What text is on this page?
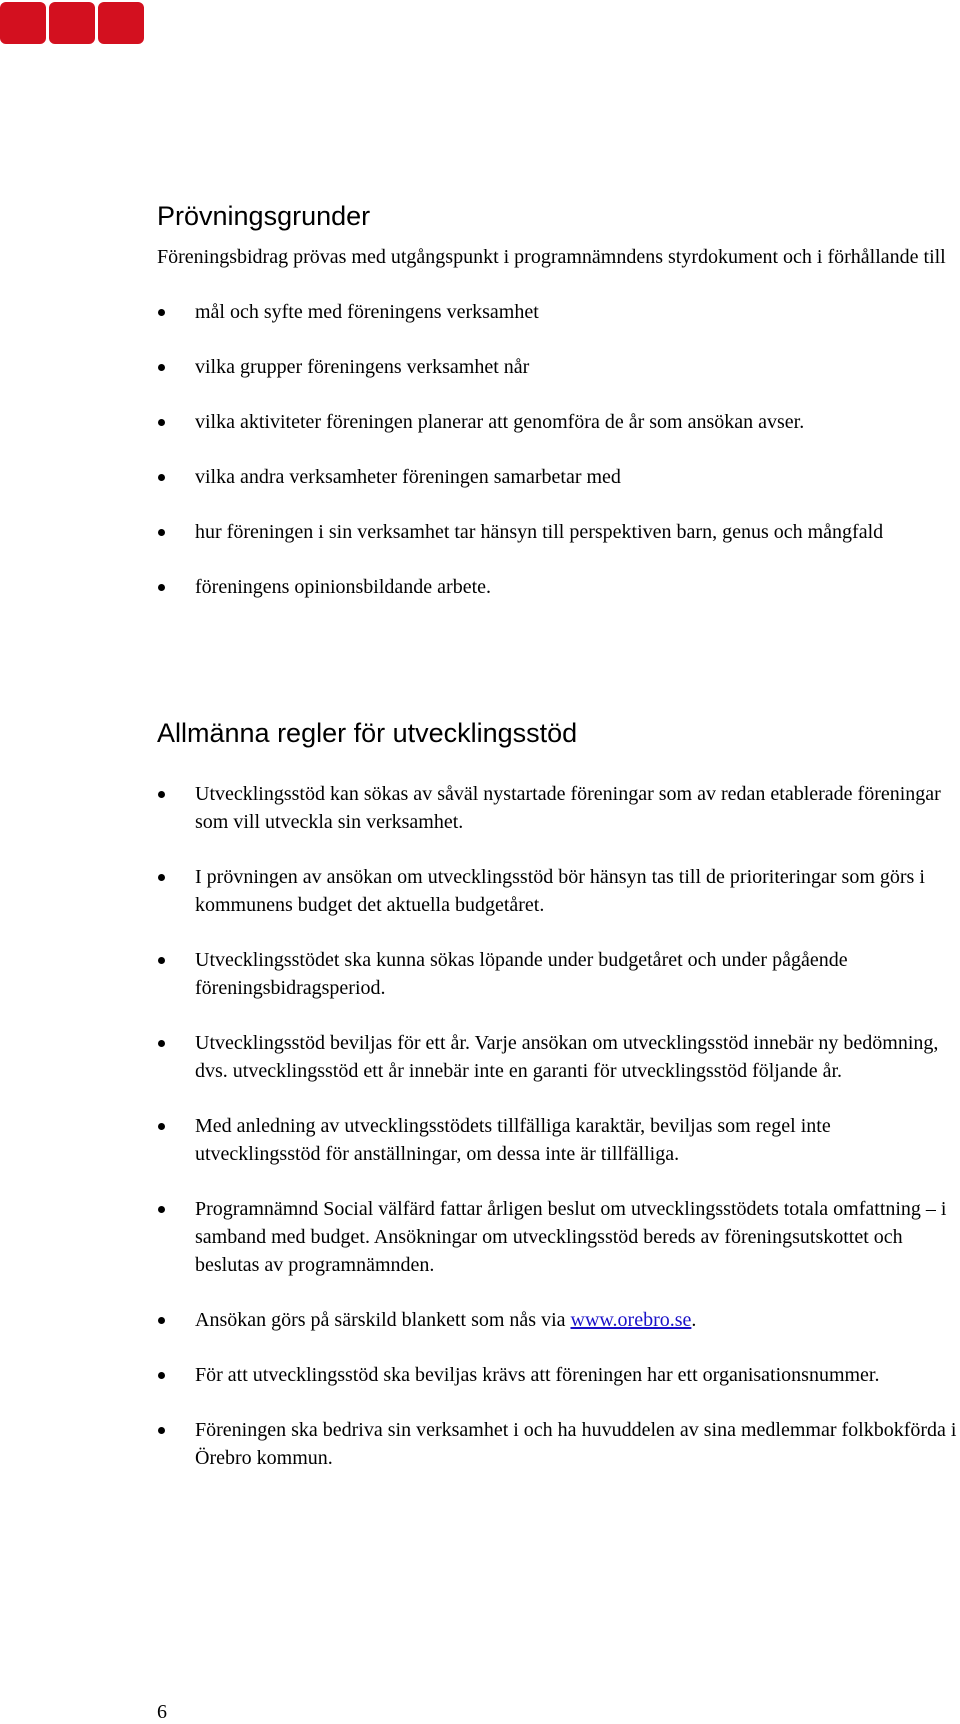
Prövningsgrunder

Föreningsbidrag prövas med utgångspunkt i programnämndens styrdokument och i förhållande till

mål och syfte med föreningens verksamhet
vilka grupper föreningens verksamhet når
vilka aktiviteter föreningen planerar att genomföra de år som ansökan avser.
vilka andra verksamheter föreningen samarbetar med
hur föreningen i sin verksamhet tar hänsyn till perspektiven barn, genus och mångfald
föreningens opinionsbildande arbete.
Allmänna regler för utvecklingsstöd
Utvecklingsstöd kan sökas av såväl nystartade föreningar som av redan etablerade föreningar som vill utveckla sin verksamhet.
I prövningen av ansökan om utvecklingsstöd bör hänsyn tas till de prioriteringar som görs i kommunens budget det aktuella budgetåret.
Utvecklingsstödet ska kunna sökas löpande under budgetåret och under pågående föreningsbidragsperiod.
Utvecklingsstöd beviljas för ett år. Varje ansökan om utvecklingsstöd innebär ny bedömning, dvs. utvecklingsstöd ett år innebär inte en garanti för utvecklingsstöd följande år.
Med anledning av utvecklingsstödets tillfälliga karaktär, beviljas som regel inte utvecklingsstöd för anställningar, om dessa inte är tillfälliga.
Programnämnd Social välfärd fattar årligen beslut om utvecklingsstödets totala omfattning – i samband med budget. Ansökningar om utvecklingsstöd bereds av föreningsutskottet och beslutas av programnämnden.
Ansökan görs på särskild blankett som nås via www.orebro.se.
För att utvecklingsstöd ska beviljas krävs att föreningen har ett organisationsnummer.
Föreningen ska bedriva sin verksamhet i och ha huvuddelen av sina medlemmar folkbokförda i Örebro kommun.
6
